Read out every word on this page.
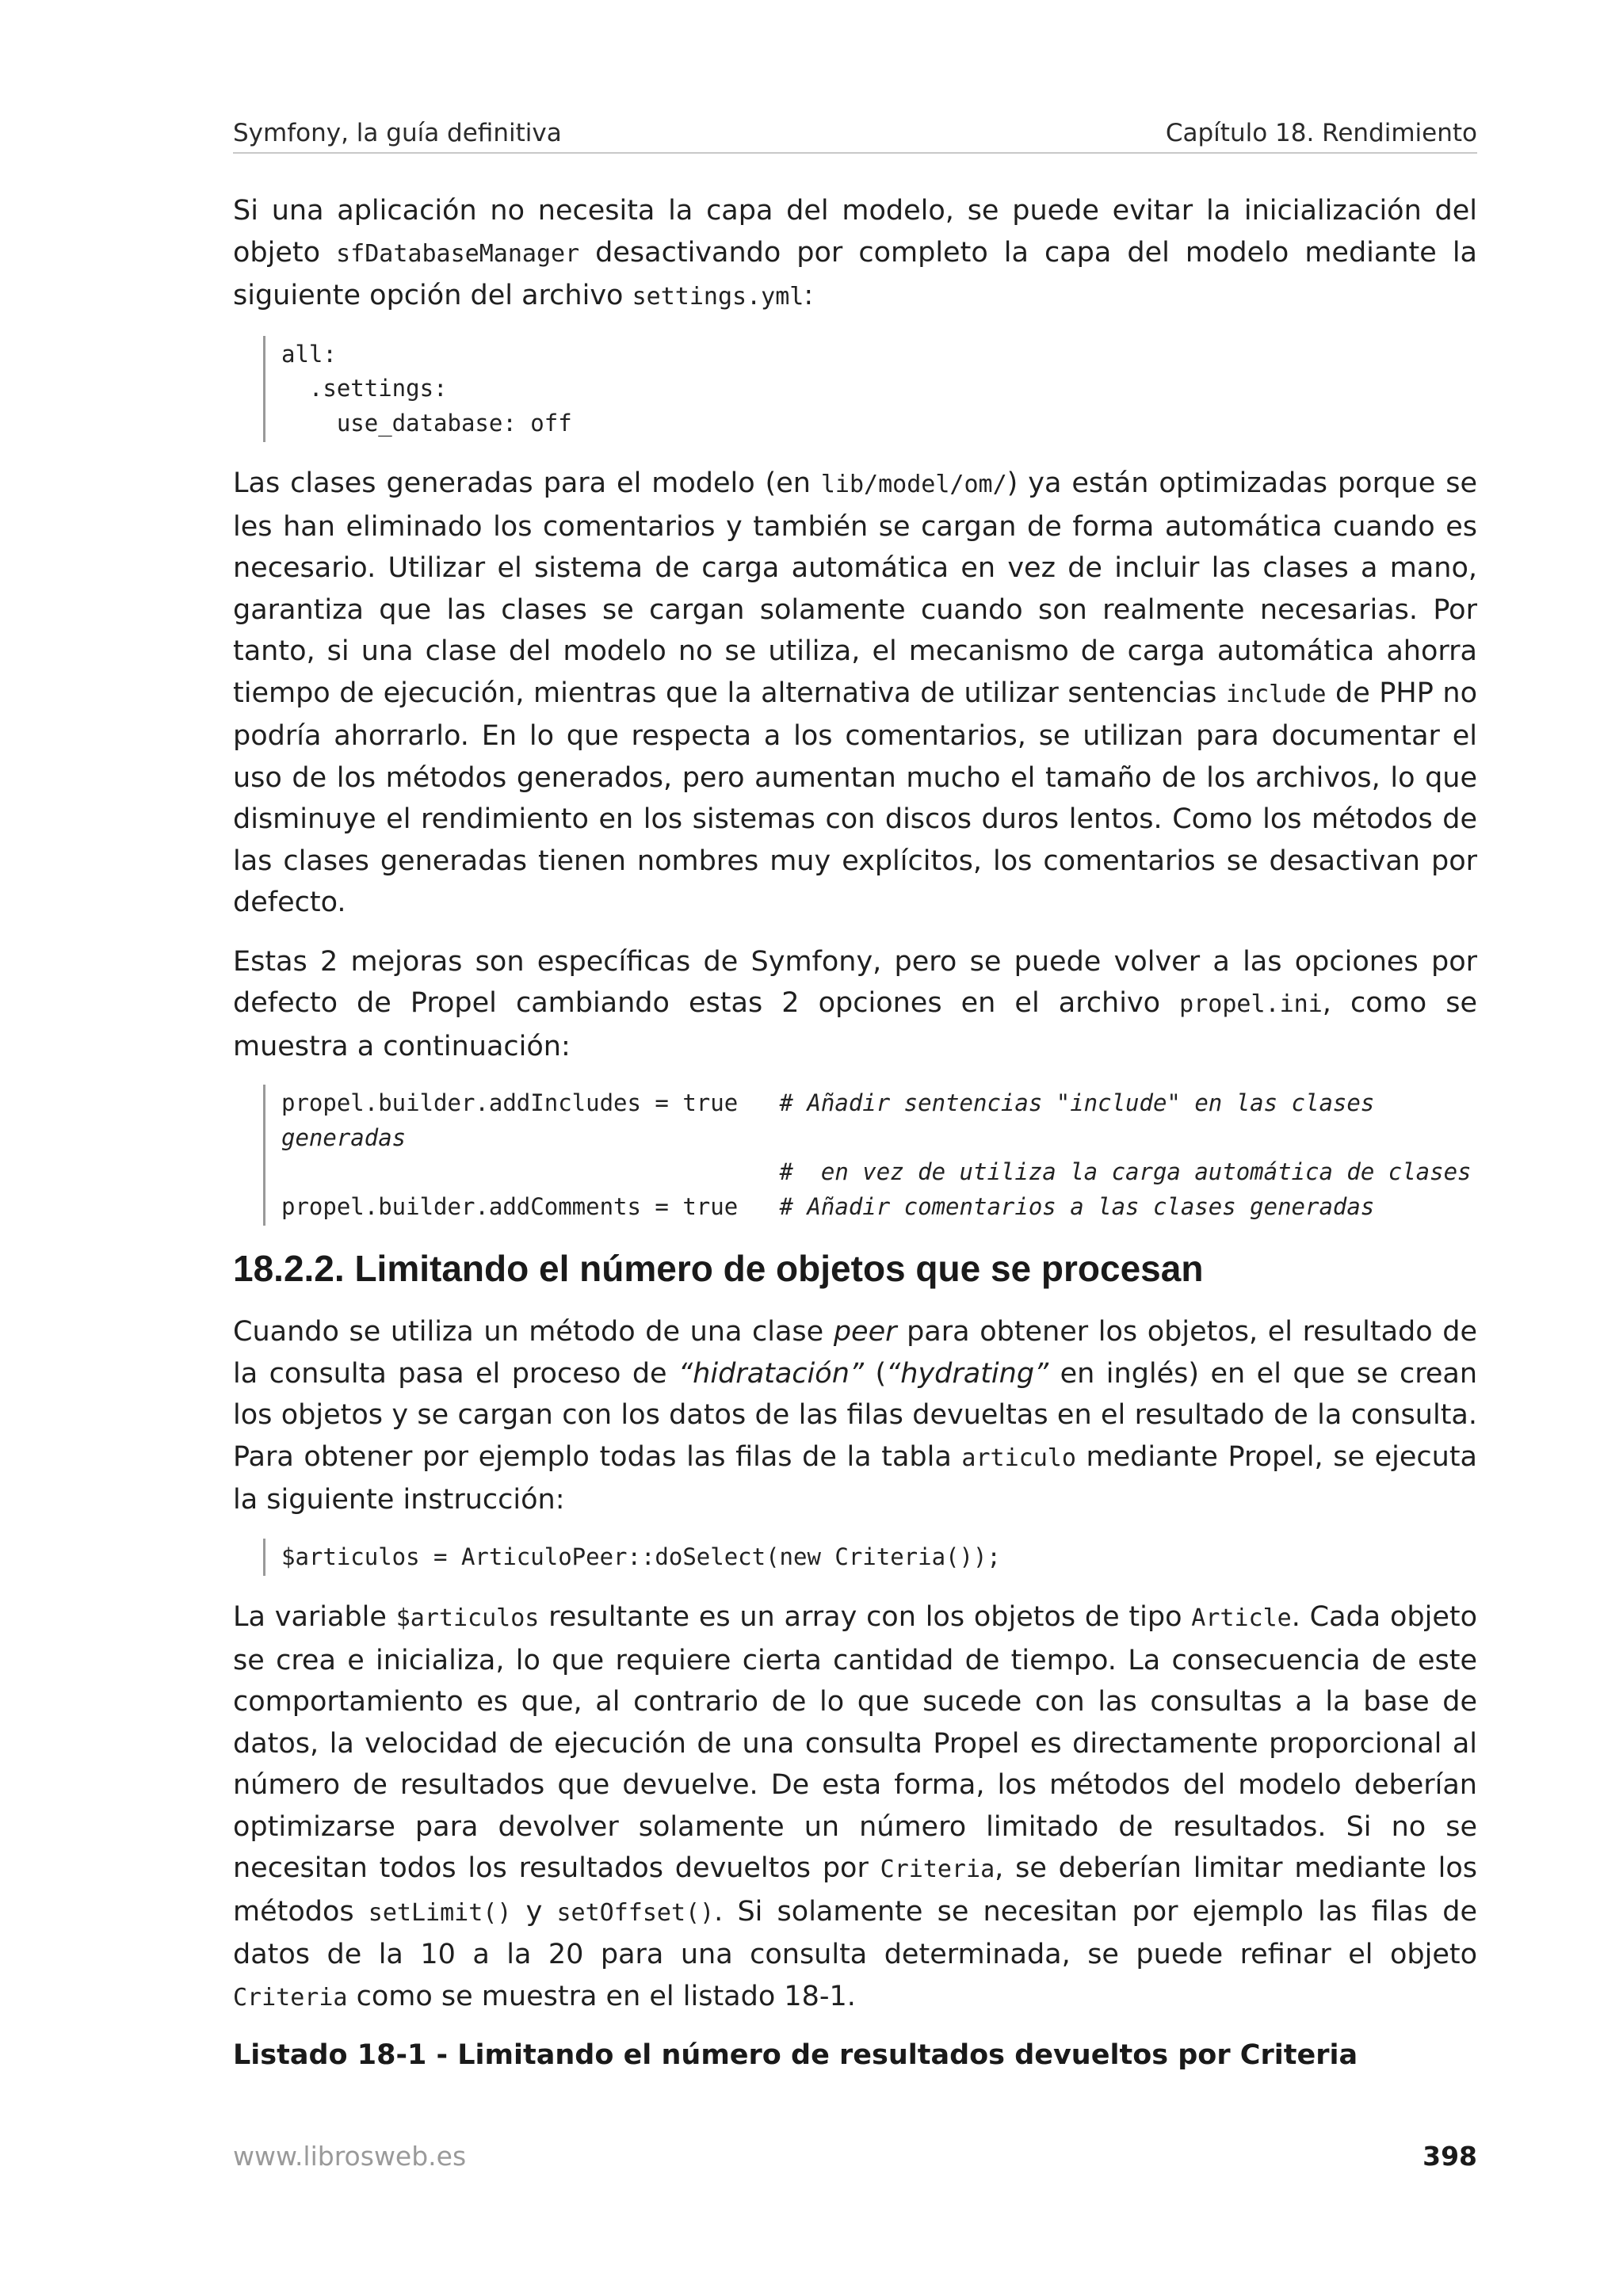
Symfony, la guía definitiva	Capítulo 18. Rendimiento

Si una aplicación no necesita la capa del modelo, se puede evitar la inicialización del objeto sfDatabaseManager desactivando por completo la capa del modelo mediante la siguiente opción del archivo settings.yml:

all:
.settings:
use_database: off

Las clases generadas para el modelo (en lib/model/om/) ya están optimizadas porque se les han eliminado los comentarios y también se cargan de forma automática cuando es necesario. Utilizar el sistema de carga automática en vez de incluir las clases a mano, garantiza que las clases se cargan solamente cuando son realmente necesarias. Por tanto, si una clase del modelo no se utiliza, el mecanismo de carga automática ahorra tiempo de ejecución, mientras que la alternativa de utilizar sentencias include de PHP no podría ahorrarlo. En lo que respecta a los comentarios, se utilizan para documentar el uso de los métodos generados, pero aumentan mucho el tamaño de los archivos, lo que disminuye el rendimiento en los sistemas con discos duros lentos. Como los métodos de las clases generadas tienen nombres muy explícitos, los comentarios se desactivan por defecto.

Estas 2 mejoras son específicas de Symfony, pero se puede volver a las opciones por defecto de Propel cambiando estas 2 opciones en el archivo propel.ini, como se muestra a continuación:

propel.builder.addIncludes = true   # Añadir sentencias "include" en las clases
generadas
#  en vez de utiliza la carga automática de clases
propel.builder.addComments = true   # Añadir comentarios a las clases generadas
18.2.2. Limitando el número de objetos que se procesan

Cuando se utiliza un método de una clase peer para obtener los objetos, el resultado de la consulta pasa el proceso de “hidratación” (“hydrating” en inglés) en el que se crean los objetos y se cargan con los datos de las filas devueltas en el resultado de la consulta. Para obtener por ejemplo todas las filas de la tabla articulo mediante Propel, se ejecuta la siguiente instrucción:

$articulos = ArticuloPeer::doSelect(new Criteria());

La variable $articulos resultante es un array con los objetos de tipo Article. Cada objeto se crea e inicializa, lo que requiere cierta cantidad de tiempo. La consecuencia de este comportamiento es que, al contrario de lo que sucede con las consultas a la base de datos, la velocidad de ejecución de una consulta Propel es directamente proporcional al número de resultados que devuelve. De esta forma, los métodos del modelo deberían optimizarse para devolver solamente un número limitado de resultados. Si no se necesitan todos los resultados devueltos por Criteria, se deberían limitar mediante los métodos setLimit() y setOffset(). Si solamente se necesitan por ejemplo las filas de datos de la 10 a la 20 para una consulta determinada, se puede refinar el objeto Criteria como se muestra en el listado 18-1.

Listado 18-1 - Limitando el número de resultados devueltos por Criteria
www.librosweb.es	398
